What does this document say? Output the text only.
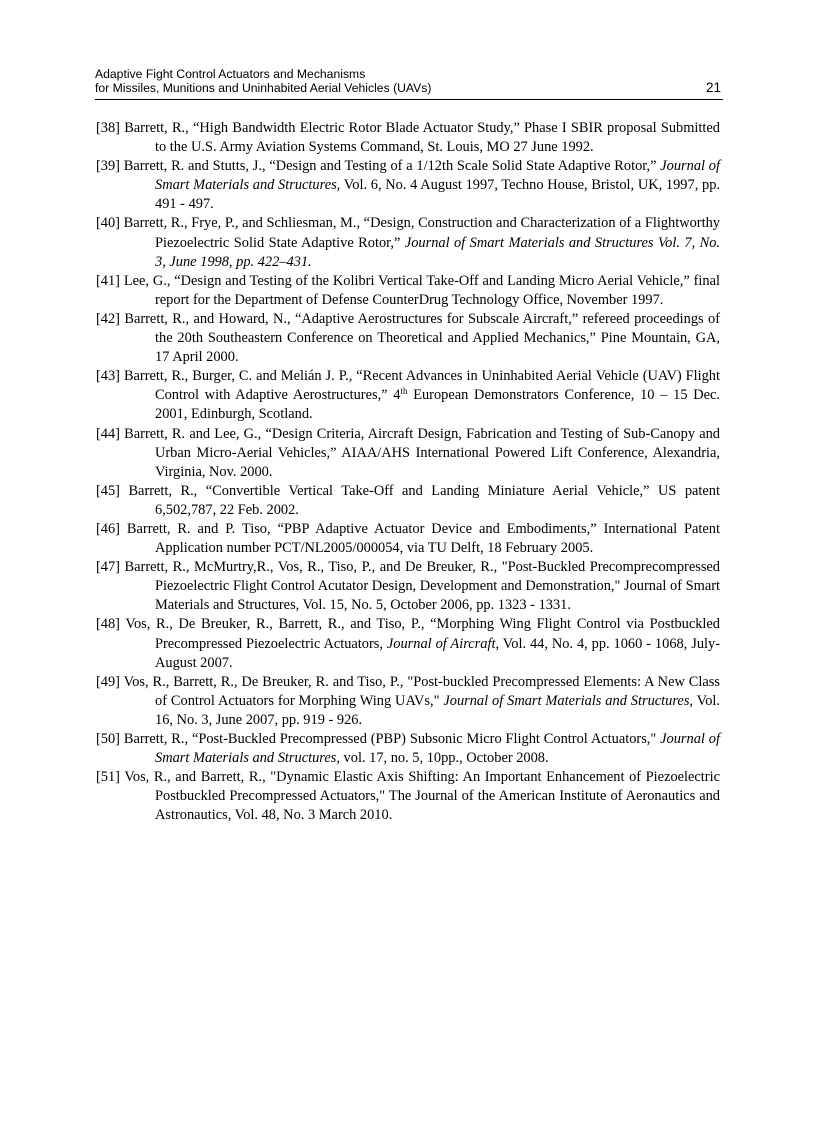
Adaptive Fight Control Actuators and Mechanisms
for Missiles, Munitions and Uninhabited Aerial Vehicles (UAVs)	21
[38] Barrett, R., “High Bandwidth Electric Rotor Blade Actuator Study,” Phase I SBIR proposal Submitted to the U.S. Army Aviation Systems Command, St. Louis, MO 27 June 1992.
[39] Barrett, R. and Stutts, J., “Design and Testing of a 1/12th Scale Solid State Adaptive Rotor,” Journal of Smart Materials and Structures, Vol. 6, No. 4 August 1997, Techno House, Bristol, UK, 1997, pp. 491 - 497.
[40] Barrett, R., Frye, P., and Schliesman, M., “Design, Construction and Characterization of a Flightworthy Piezoelectric Solid State Adaptive Rotor,” Journal of Smart Materials and Structures Vol. 7, No. 3, June 1998, pp. 422–431.
[41] Lee, G., “Design and Testing of the Kolibri Vertical Take-Off and Landing Micro Aerial Vehicle,” final report for the Department of Defense CounterDrug Technology Office, November 1997.
[42] Barrett, R., and Howard, N., “Adaptive Aerostructures for Subscale Aircraft,” refereed proceedings of the 20th Southeastern Conference on Theoretical and Applied Mechanics,” Pine Mountain, GA, 17 April 2000.
[43] Barrett, R., Burger, C. and Melián J. P., “Recent Advances in Uninhabited Aerial Vehicle (UAV) Flight Control with Adaptive Aerostructures,” 4th European Demonstrators Conference, 10 – 15 Dec. 2001, Edinburgh, Scotland.
[44] Barrett, R. and Lee, G., “Design Criteria, Aircraft Design, Fabrication and Testing of Sub-Canopy and Urban Micro-Aerial Vehicles,” AIAA/AHS International Powered Lift Conference, Alexandria, Virginia, Nov. 2000.
[45] Barrett, R., “Convertible Vertical Take-Off and Landing Miniature Aerial Vehicle,” US patent 6,502,787, 22 Feb. 2002.
[46] Barrett, R. and P. Tiso, “PBP Adaptive Actuator Device and Embodiments,” International Patent Application number PCT/NL2005/000054, via TU Delft, 18 February 2005.
[47] Barrett, R., McMurtry,R., Vos, R., Tiso, P., and De Breuker, R., "Post-Buckled Precomprecompressed Piezoelectric Flight Control Acutator Design, Development and Demonstration," Journal of Smart Materials and Structures, Vol. 15, No. 5, October 2006, pp. 1323 - 1331.
[48] Vos, R., De Breuker, R., Barrett, R., and Tiso, P., “Morphing Wing Flight Control via Postbuckled Precompressed Piezoelectric Actuators, Journal of Aircraft, Vol. 44, No. 4, pp. 1060 - 1068, July-August 2007.
[49] Vos, R., Barrett, R., De Breuker, R. and Tiso, P., "Post-buckled Precompressed Elements: A New Class of Control Actuators for Morphing Wing UAVs," Journal of Smart Materials and Structures, Vol. 16, No. 3, June 2007, pp. 919 - 926.
[50] Barrett, R., “Post-Buckled Precompressed (PBP) Subsonic Micro Flight Control Actuators," Journal of Smart Materials and Structures, vol. 17, no. 5, 10pp., October 2008.
[51] Vos, R., and Barrett, R., "Dynamic Elastic Axis Shifting: An Important Enhancement of Piezoelectric Postbuckled Precompressed Actuators," The Journal of the American Institute of Aeronautics and Astronautics, Vol. 48, No. 3 March 2010.
